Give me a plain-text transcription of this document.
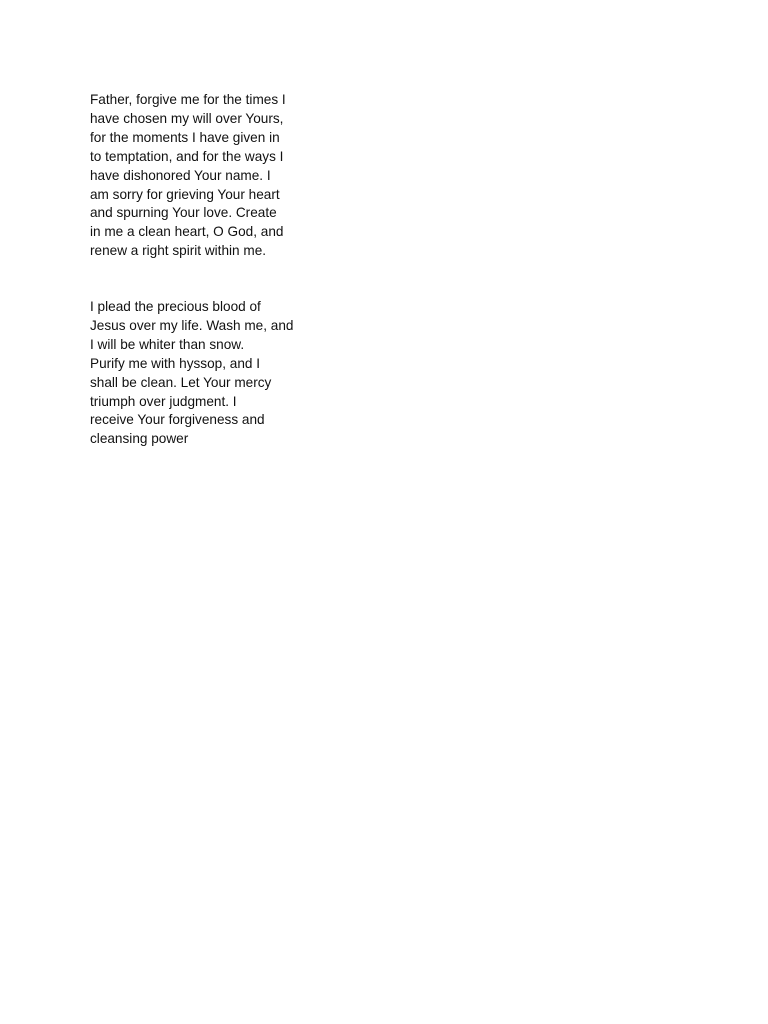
Father, forgive me for the times I
have chosen my will over Yours,
for the moments I have given in
to temptation, and for the ways I
have dishonored Your name. I
am sorry for grieving Your heart
and spurning Your love. Create
in me a clean heart, O God, and
renew a right spirit within me.

I plead the precious blood of
Jesus over my life. Wash me, and
I will be whiter than snow.
Purify me with hyssop, and I
shall be clean. Let Your mercy
triumph over judgment. I
receive Your forgiveness and
cleansing power
